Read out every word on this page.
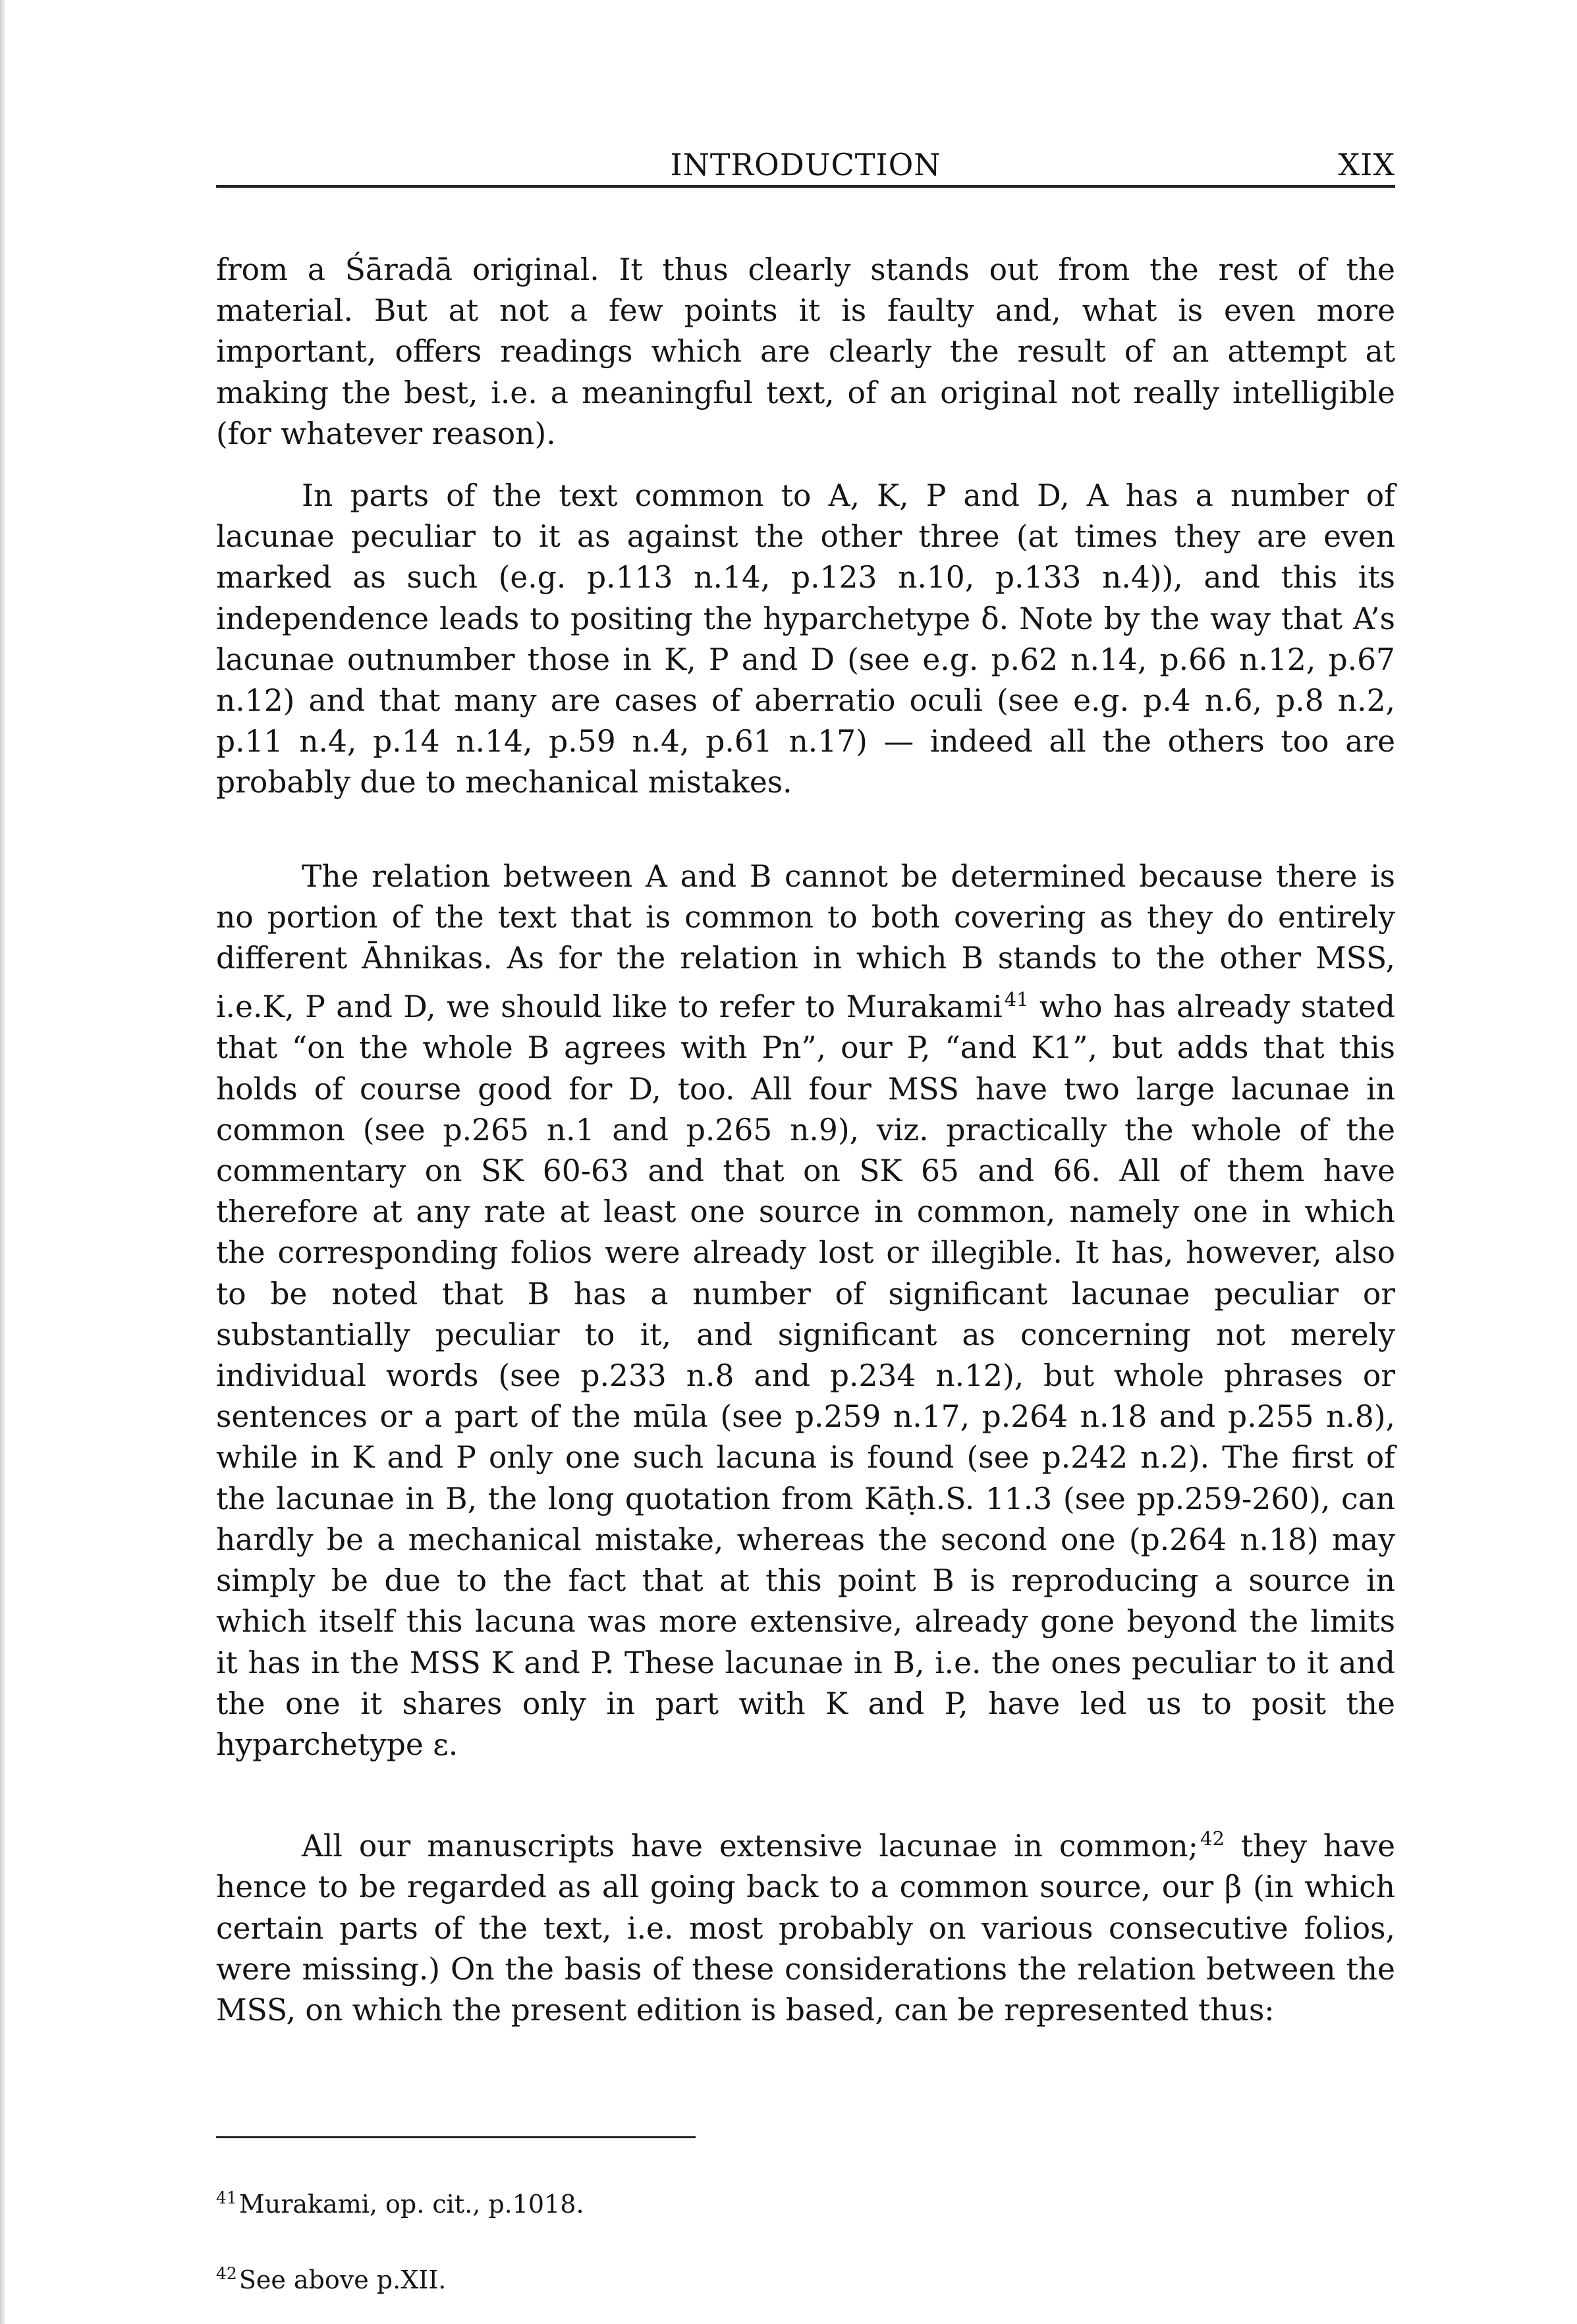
INTRODUCTION	XIX

from a Śāradā original. It thus clearly stands out from the rest of the material. But at not a few points it is faulty and, what is even more important, offers readings which are clearly the result of an attempt at making the best, i.e. a meaningful text, of an original not really intelligible (for whatever reason).

In parts of the text common to A, K, P and D, A has a number of lacunae peculiar to it as against the other three (at times they are even marked as such (e.g. p.113 n.14, p.123 n.10, p.133 n.4)), and this its independence leads to positing the hyparchetype δ. Note by the way that A’s lacunae outnumber those in K, P and D (see e.g. p.62 n.14, p.66 n.12, p.67 n.12) and that many are cases of aberratio oculi (see e.g. p.4 n.6, p.8 n.2, p.11 n.4, p.14 n.14, p.59 n.4, p.61 n.17) — indeed all the others too are probably due to mechanical mistakes.

The relation between A and B cannot be determined because there is no portion of the text that is common to both covering as they do entirely different Āhnikas. As for the relation in which B stands to the other MSS, i.e.K, P and D, we should like to refer to Murakami $^{41}$ who has already stated that “on the whole B agrees with Pn”, our P, “and K1”, but adds that this holds of course good for D, too. All four MSS have two large lacunae in common (see p.265 n.1 and p.265 n.9), viz. practically the whole of the commentary on SK 60-63 and that on SK 65 and 66. All of them have therefore at any rate at least one source in common, namely one in which the corresponding folios were already lost or illegible. It has, however, also to be noted that B has a number of significant lacunae peculiar or substantially peculiar to it, and significant as concerning not merely individual words (see p.233 n.8 and p.234 n.12), but whole phrases or sentences or a part of the mūla (see p.259 n.17, p.264 n.18 and p.255 n.8), while in K and P only one such lacuna is found (see p.242 n.2). The first of the lacunae in B, the long quotation from Kāṭh.S. 11.3 (see pp.259-260), can hardly be a mechanical mistake, whereas the second one (p.264 n.18) may simply be due to the fact that at this point B is reproducing a source in which itself this lacuna was more extensive, already gone beyond the limits it has in the MSS K and P. These lacunae in B, i.e. the ones peculiar to it and the one it shares only in part with K and P, have led us to posit the hyparchetype ε.

All our manuscripts have extensive lacunae in common; $^{42}$ they have hence to be regarded as all going back to a common source, our β (in which certain parts of the text, i.e. most probably on various consecutive folios, were missing.) On the basis of these considerations the relation between the MSS, on which the present edition is based, can be represented thus:

$^{41}$Murakami, op. cit., p.1018.

$^{42}$See above p.XII.
